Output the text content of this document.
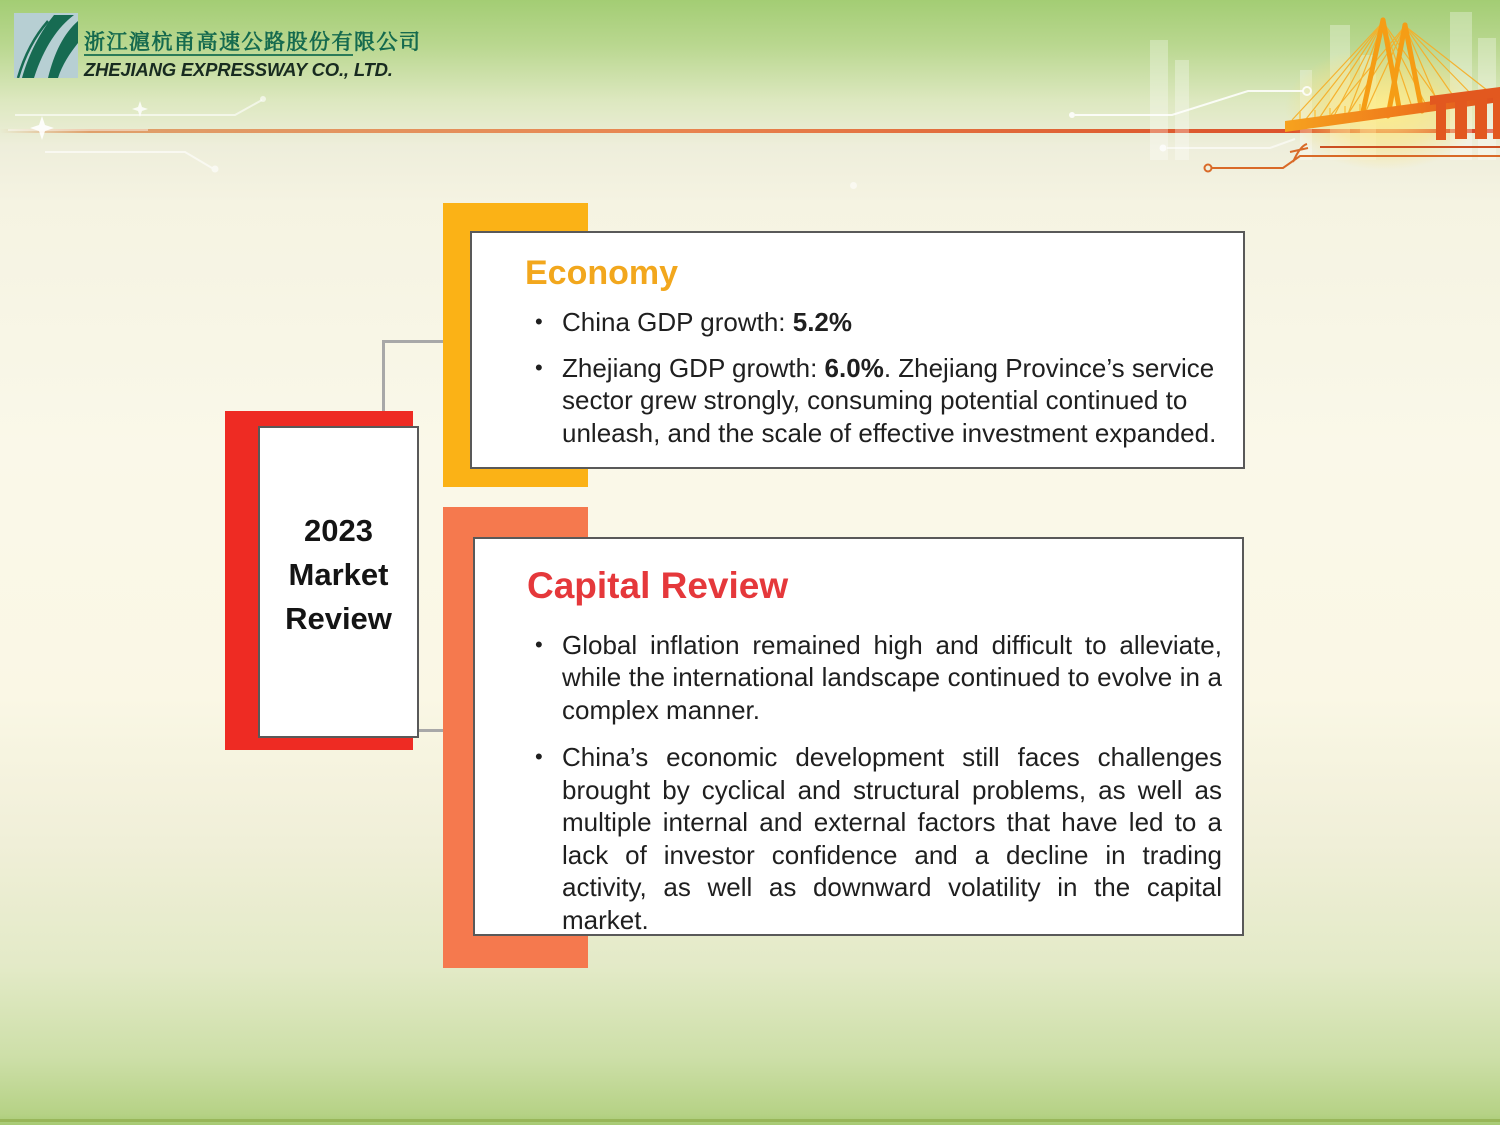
浙江滬杭甬高速公路股份有限公司
ZHEJIANG EXPRESSWAY CO., LTD.
2023
Market
Review
Economy
• China GDP growth: 5.2%
• Zhejiang GDP growth: 6.0%. Zhejiang Province’s service sector grew strongly, consuming potential continued to unleash, and the scale of effective investment expanded.
Capital Review
• Global inflation remained high and difficult to alleviate, while the international landscape continued to evolve in a complex manner.
• China’s economic development still faces challenges brought by cyclical and structural problems, as well as multiple internal and external factors that have led to a lack of investor confidence and a decline in trading activity, as well as downward volatility in the capital market.
